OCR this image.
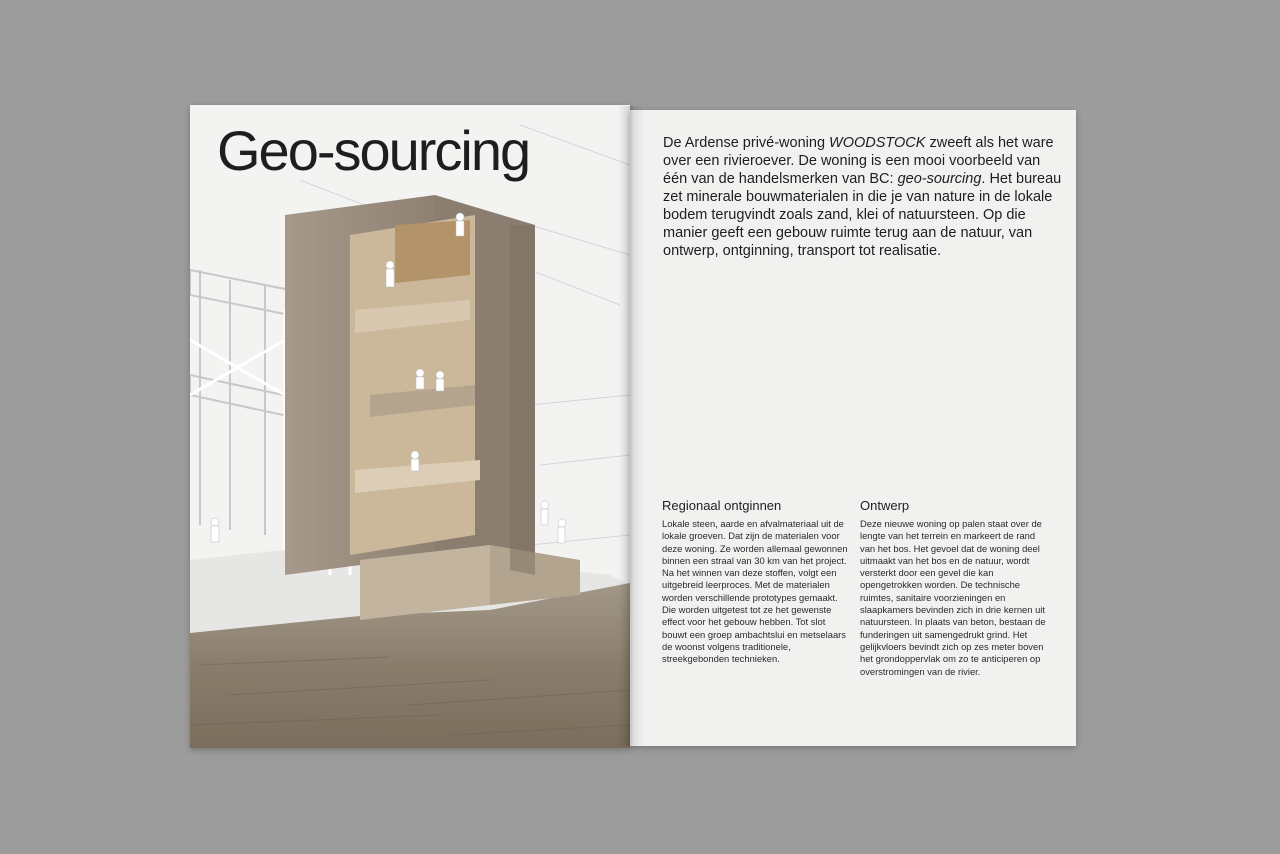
Geo-sourcing	De Ardense privé-woning WOODSTOCK zweeft als het ware over een rivieroever. De woning is een mooi voorbeeld van één van de handelsmerken van BC: geo-sourcing. Het bureau zet minerale bouwmaterialen in die je van nature in de lokale bodem terugvindt zoals zand, klei of natuursteen. Op die manier geeft een gebouw ruimte terug aan de natuur, van ontwerp, ontginning, transport tot realisatie.

Regionaal ontginnen

Lokale steen, aarde en afvalmateriaal uit de lokale groeven. Dat zijn de materialen voor deze woning. Ze worden allemaal gewonnen binnen een straal van 30 km van het project. Na het winnen van deze stoffen, volgt een uitgebreid leerproces. Met de materialen worden verschillende prototypes gemaakt. Die worden uitgetest tot ze het gewenste effect voor het gebouw hebben. Tot slot bouwt een groep ambachtslui en metselaars de woonst volgens traditionele, streekgebonden technieken.

Ontwerp

Deze nieuwe woning op palen staat over de lengte van het terrein en markeert de rand van het bos. Het gevoel dat de woning deel uitmaakt van het bos en de natuur, wordt versterkt door een gevel die kan opengetrokken worden. De technische ruimtes, sanitaire voorzieningen en slaapkamers bevinden zich in drie kernen uit natuursteen. In plaats van beton, bestaan de funderingen uit samengedrukt grind. Het gelijkvloers bevindt zich op zes meter boven het grondoppervlak om zo te anticiperen op overstromingen van de rivier.
